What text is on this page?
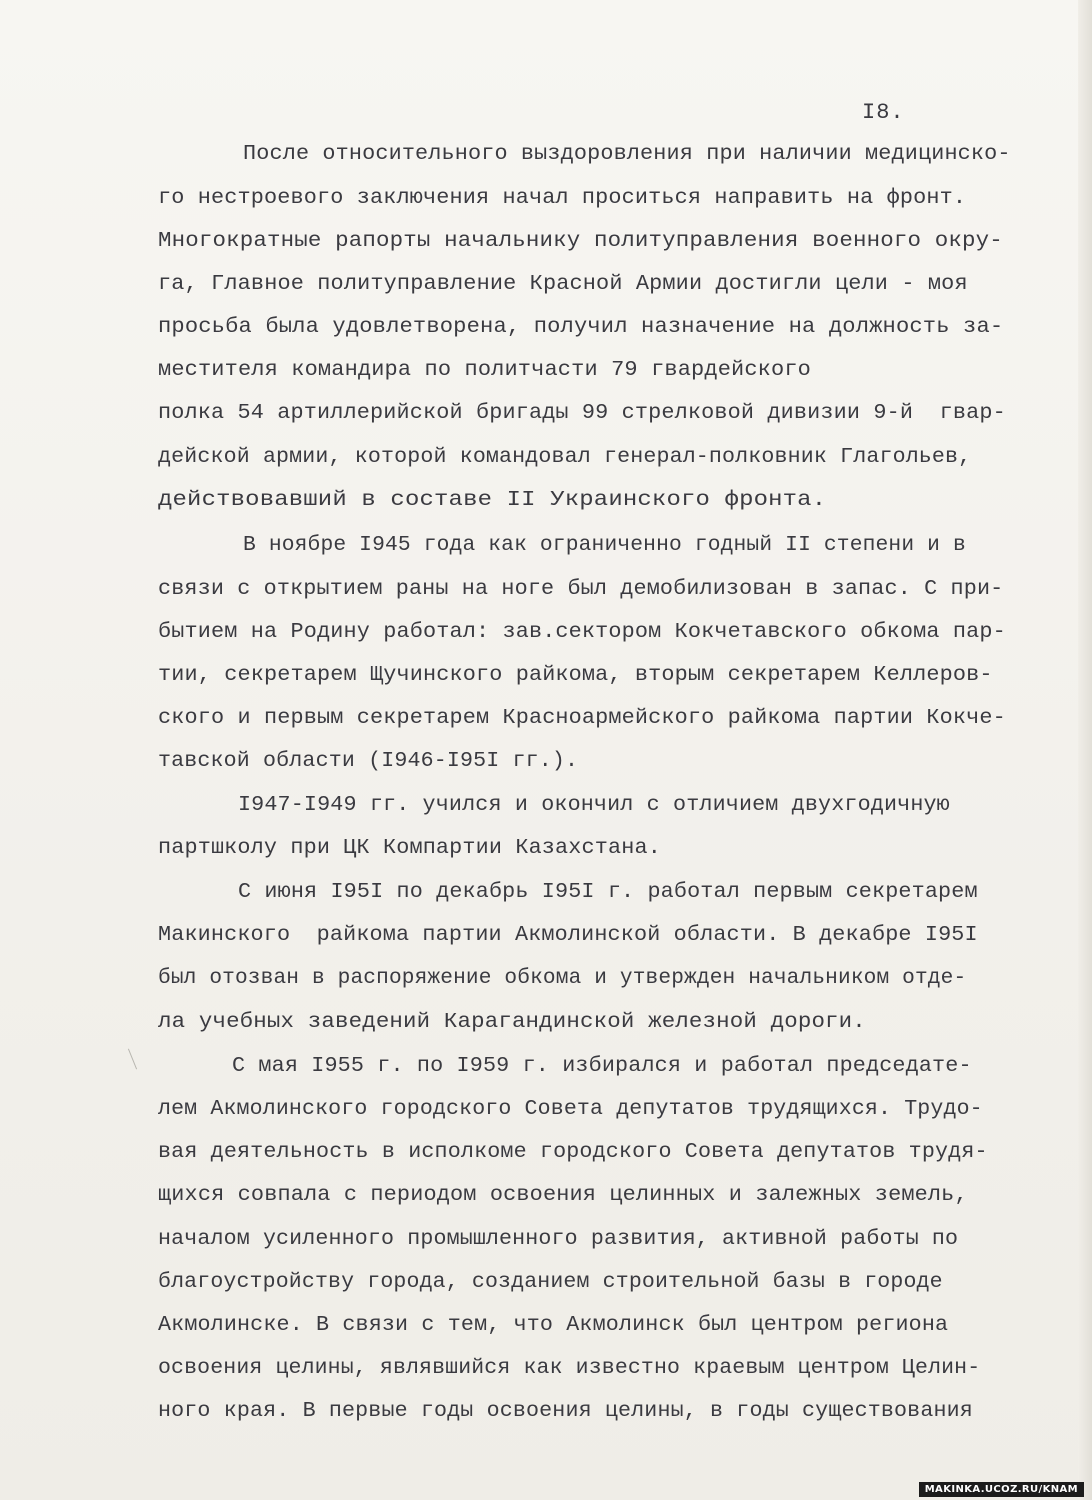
I8.
После относительного выздоровления при наличии медицинско-
го нестроевого заключения начал проситься направить на фронт.
Многократные рапорты начальнику политуправления военного окру-
га, Главное политуправление Красной Армии достигли цели - моя
просьба была удовлетворена, получил назначение на должность за-
местителя командира по политчасти 79 гвардейского
полка 54 артиллерийской бригады 99 стрелковой дивизии 9-й  гвар-
дейской армии, которой командовал генерал-полковник Глагольев,
действовавший в составе II Украинского фронта.
В ноябре I945 года как ограниченно годный II степени и в
связи с открытием раны на ноге был демобилизован в запас. С при-
бытием на Родину работал: зав.сектором Кокчетавского обкома пар-
тии, секретарем Щучинского райкома, вторым секретарем Келлеров-
ского и первым секретарем Красноармейского райкома партии Кокче-
тавской области (I946-I95I гг.).
I947-I949 гг. учился и окончил с отличием двухгодичную
партшколу при ЦК Компартии Казахстана.
С июня I95I по декабрь I95I г. работал первым секретарем
Макинского  райкома партии Акмолинской области. В декабре I95I
был отозван в распоряжение обкома и утвержден начальником отде-
ла учебных заведений Карагандинской железной дороги.
С мая I955 г. по I959 г. избирался и работал председате-
лем Акмолинского городского Совета депутатов трудящихся. Трудо-
вая деятельность в исполкоме городского Совета депутатов трудя-
щихся совпала с периодом освоения целинных и залежных земель,
началом усиленного промышленного развития, активной работы по
благоустройству города, созданием строительной базы в городе
Акмолинске. В связи с тем, что Акмолинск был центром региона
освоения целины, являвшийся как известно краевым центром Целин-
ного края. В первые годы освоения целины, в годы существования
MAKINKA.UCOZ.RU/KNAM
